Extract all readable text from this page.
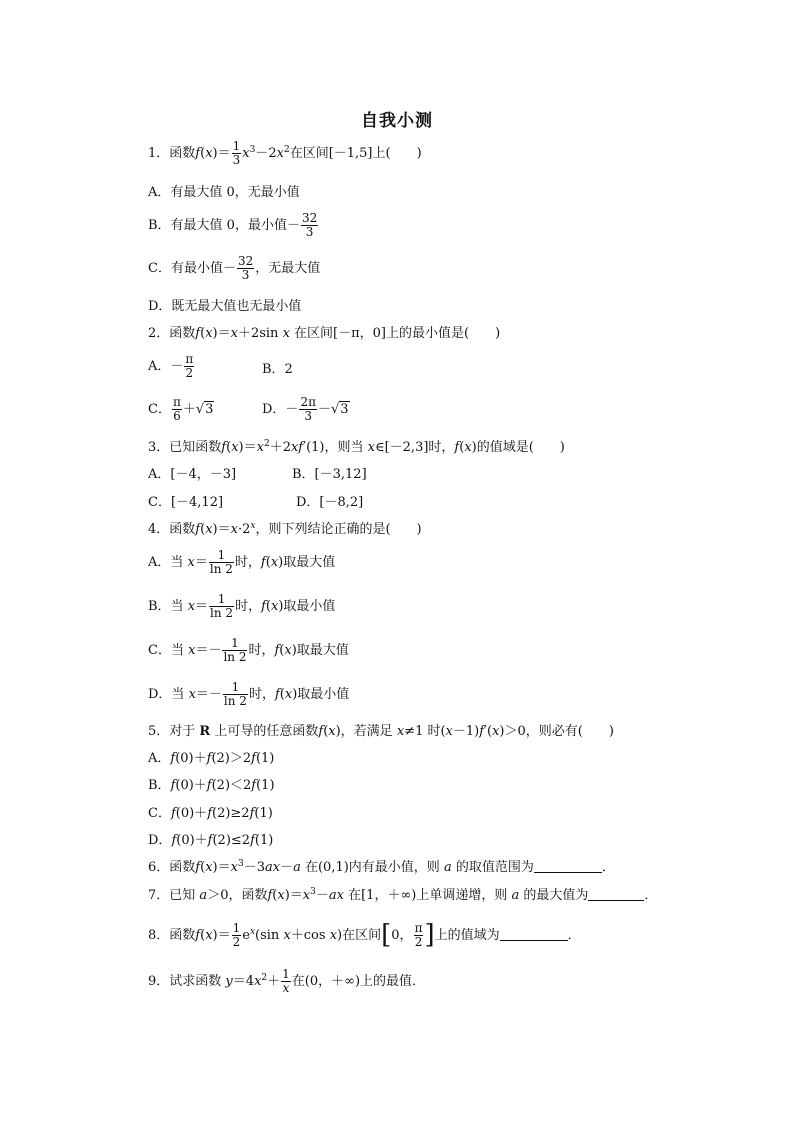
自我小测
1．函数$f(x)= \frac{1}{3} x^3-2x^2$在区间[－1,5]上(　　)
A．有最大值 0，无最小值
B．有最大值 0，最小值－ $\frac{32}{3}$
C．有最小值－ $\frac{32}{3}$ ，无最大值
D．既无最大值也无最小值
2．函数f(x)＝x＋2sin x 在区间[－π，0]上的最小值是(　　)
A．－ $\frac{\pi}{2}$	B．2
C． $\frac{\pi}{6} +√3$	D．－ $\frac{2\pi}{3} -√3$
3．已知函数$f(x)=x^2+2xf'(1)$，则当 x∈[－2,3]时，f(x)的值域是(　　)
A．[－4，－3]	B．[－3,12]
C．[－4,12]	D．[－8,2]
4．函数$f(x)=x\cdot 2^x$，则下列结论正确的是(　　)
A．当 $x= \frac{1}{\ln 2}$ 时，f(x)取最大值
B．当 $x= \frac{1}{\ln 2}$ 时，f(x)取最小值
C．当 $x=- \frac{1}{\ln 2}$ 时，f(x)取最大值
D．当 $x=- \frac{1}{\ln 2}$ 时，f(x)取最小值
5．对于 R 上可导的任意函数f(x)，若满足 x≠1 时(x－1)f′(x)＞0，则必有(　　)
A．f(0)＋f(2)＞2f(1)
B．f(0)＋f(2)＜2f(1)
C．f(0)＋f(2)≥2f(1)
D．f(0)＋f(2)≤2f(1)
6．函数$f(x)=x^3-3ax-a$ 在(0,1)内有最小值，则 a 的取值范围为	．
7．已知 a＞0，函数$f(x)=x^3-ax$ 在[1，＋∞)上单调递增，则 a 的最大值为	．
8．函数$f(x)= \frac{1}{2} e^x(\sin$ x＋cos x)在区间[0， $\frac{\pi}{2}$ ]上的值域为	．
9．试求函数 $y=4x^2+ \frac{1}{x}$ 在(0，＋∞)上的最值．
